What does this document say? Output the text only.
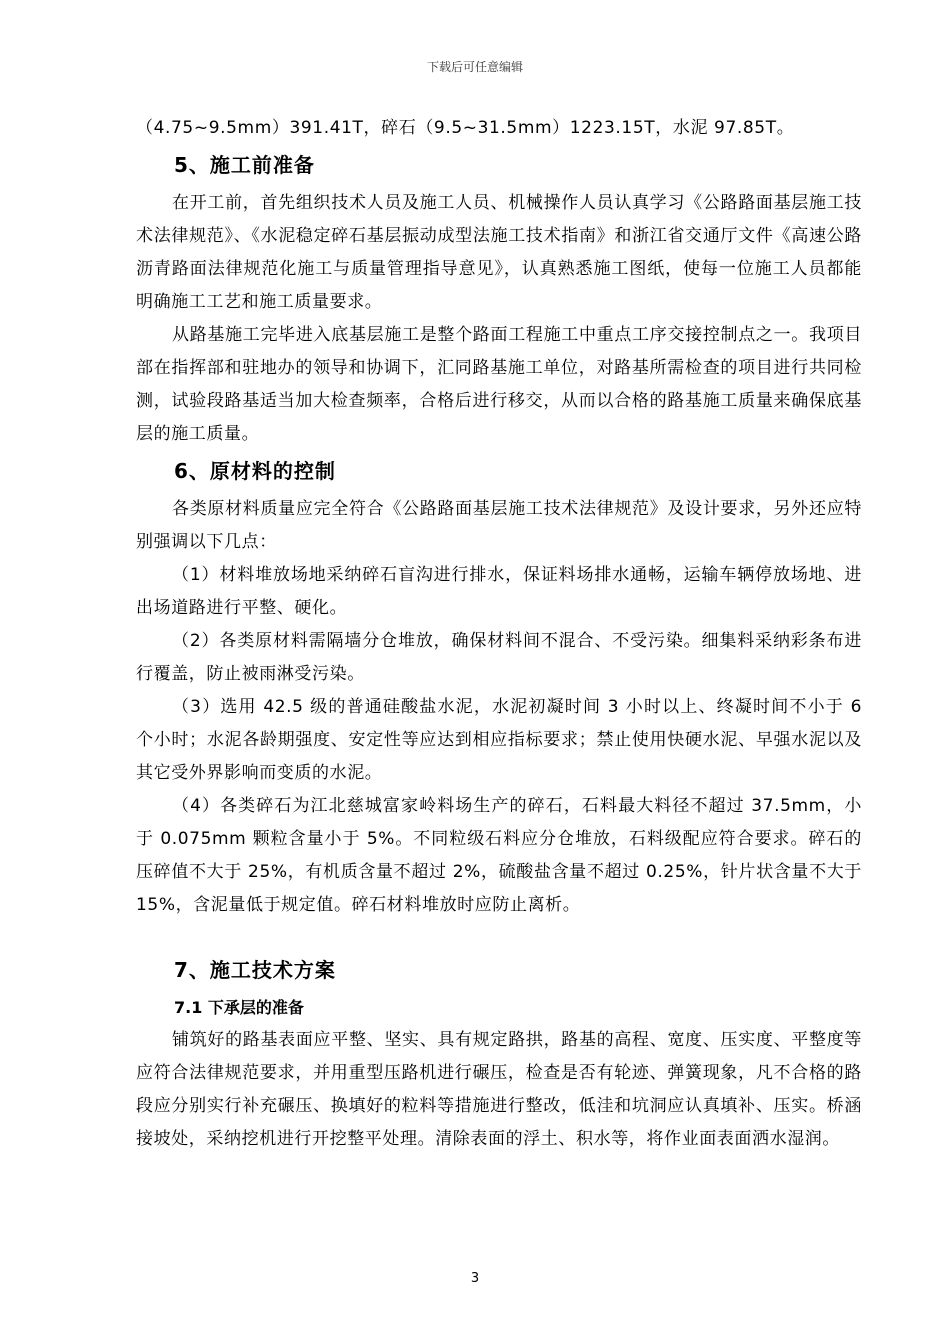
下载后可任意编辑

（4.75~9.5mm）391.41T，碎石（9.5~31.5mm）1223.15T，水泥 97.85T。

5、施工前准备

在开工前，首先组织技术人员及施工人员、机械操作人员认真学习《公路路面基层施工技术法律规范》、《水泥稳定碎石基层振动成型法施工技术指南》和浙江省交通厅文件《高速公路沥青路面法律规范化施工与质量管理指导意见》，认真熟悉施工图纸，使每一位施工人员都能明确施工工艺和施工质量要求。

从路基施工完毕进入底基层施工是整个路面工程施工中重点工序交接控制点之一。我项目部在指挥部和驻地办的领导和协调下，汇同路基施工单位，对路基所需检查的项目进行共同检测，试验段路基适当加大检查频率，合格后进行移交，从而以合格的路基施工质量来确保底基层的施工质量。

6、原材料的控制

各类原材料质量应完全符合《公路路面基层施工技术法律规范》及设计要求，另外还应特别强调以下几点：

（1）材料堆放场地采纳碎石盲沟进行排水，保证料场排水通畅，运输车辆停放场地、进出场道路进行平整、硬化。

（2）各类原材料需隔墙分仓堆放，确保材料间不混合、不受污染。细集料采纳彩条布进行覆盖，防止被雨淋受污染。

（3）选用 42.5 级的普通硅酸盐水泥，水泥初凝时间 3 小时以上、终凝时间不小于 6 个小时；水泥各龄期强度、安定性等应达到相应指标要求；禁止使用快硬水泥、早强水泥以及其它受外界影响而变质的水泥。

（4）各类碎石为江北慈城富家岭料场生产的碎石，石料最大料径不超过 37.5mm，小于 0.075mm 颗粒含量小于 5%。不同粒级石料应分仓堆放，石料级配应符合要求。碎石的压碎值不大于 25%，有机质含量不超过 2%，硫酸盐含量不超过 0.25%，针片状含量不大于 15%，含泥量低于规定值。碎石材料堆放时应防止离析。

7、施工技术方案
7.1 下承层的准备

铺筑好的路基表面应平整、坚实、具有规定路拱，路基的高程、宽度、压实度、平整度等应符合法律规范要求，并用重型压路机进行碾压，检查是否有轮迹、弹簧现象，凡不合格的路段应分别实行补充碾压、换填好的粒料等措施进行整改，低洼和坑洞应认真填补、压实。桥涵接坡处，采纳挖机进行开挖整平处理。清除表面的浮土、积水等，将作业面表面洒水湿润。

3
